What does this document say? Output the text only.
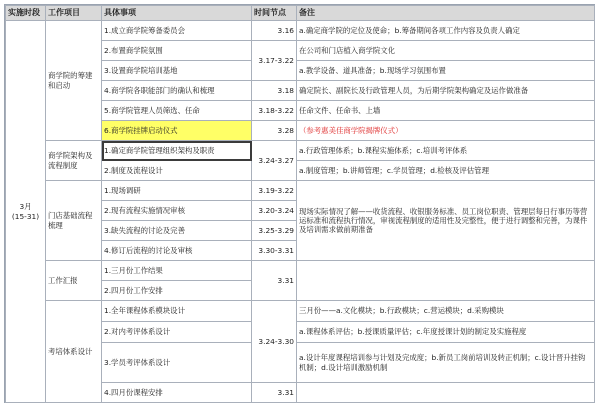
实施时段	工作项目	具体事项	时间节点	备注

3月
(15-31)	商学院的筹建和启动	1.成立商学院筹备委员会	3.16	a.确定商学院的定位及使命；b.筹备期间各项工作内容及负责人确定
		2.布置商学院氛围	3.17-3.22	在公司和门店植入商学院文化
		3.设置商学院培训基地		a.教学设备、道具准备；b.现场学习氛围布置
		4.商学院各职能部门的确认和梳理	3.18	确定院长、副院长及行政管理人员，为后期学院架构确定及运作做准备
		5.商学院管理人员筛选、任命	3.18-3.22	任命文件、任命书、上墙
		6.商学院挂牌启动仪式	3.28	（参考惠美佳商学院揭牌仪式）
	商学院架构及流程制度	1.确定商学院管理组织架构及职责	3.24-3.27	a.行政管理体系；b.课程实施体系；c.培训考评体系
		2.制度及流程设计		a.制度管理；b.讲师管理；c.学员管理；d.检核及评估管理
	门店基础流程梳理	1.现场调研	3.19-3.22	现场实际情况了解——收货流程、收银服务标准、员工岗位职责、管理层每日行事历等营运标准和流程执行情况，审视流程制度的适用性及完整性，便于进行调整和完善，为课件及培训需求做前期准备
		2.现有流程实施情况审核	3.20-3.24	
		3.缺失流程的讨论及完善	3.25-3.29	
		4.修订后流程的讨论及审核	3.30-3.31	
	工作汇报	1.三月份工作结果	3.31	
		2.四月份工作安排		
	考培体系设计	1.全年课程体系模块设计	3.24-3.30	三月份——a.文化模块；b.行政模块；c.营运模块；d.采购模块
		2.对内考评体系设计		a.课程体系评估；b.授课质量评估；c.年度授课计划的制定及实施程度
		3.学员考评体系设计		a.设计年度课程培训参与计划及完成度；b.新员工岗前培训及转正机制；c.设计晋升挂钩机制；d.设计培训激励机制
		4.四月份课程安排	3.31	
